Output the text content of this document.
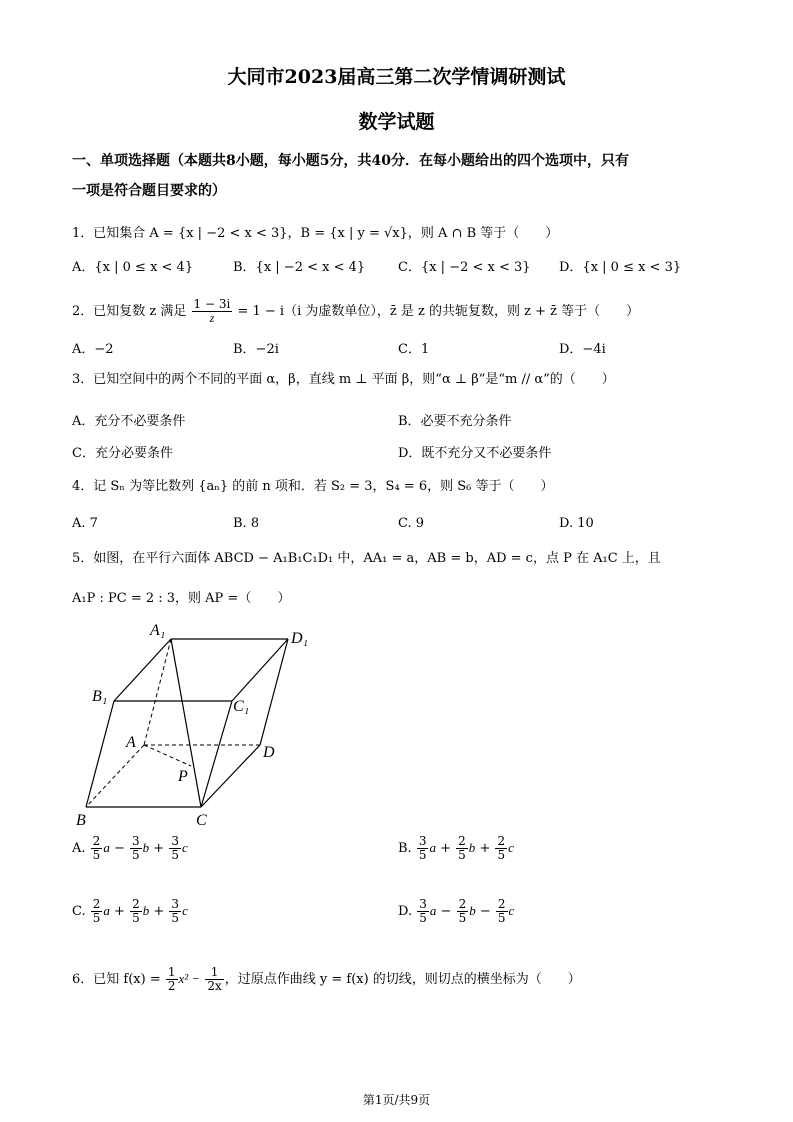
大同市2023届高三第二次学情调研测试
数学试题
一、单项选择题（本题共8小题，每小题5分，共40分．在每小题给出的四个选项中，只有
一项是符合题目要求的）
1．已知集合 A = {x | −2 < x < 3}，B = {x | y = √x}，则 A ∩ B 等于（　　）
A．{x | 0 ≤ x < 4}	B．{x | −2 < x < 4}	C．{x | −2 < x < 3} D．{x | 0 ≤ x < 3}
2．已知复数 z 满足 $\frac{1 - 3i}{z} = 1 - i(i$ 为虚数单位），z̄ 是 z 的共轭复数，则 z + z̄ 等于（　　）
A．−2	B．−2i	C．1	D．−4i
3．已知空间中的两个不同的平面 α，β，直线 m ⊥ 平面 β，则“α ⊥ β”是“m // α”的（　　）
A．充分不必要条件	B．必要不充分条件
C．充分必要条件	D．既不充分又不必要条件
4．记 Sₙ 为等比数列 {aₙ} 的前 n 项和．若 S₂ = 3，S₄ = 6，则 S₆ 等于（　　）
A. 7	B. 8	C. 9	D. 10
5．如图，在平行六面体 ABCD − A₁B₁C₁D₁ 中，AA₁ = a，AB = b，AD = c，点 P 在 A₁C 上，且
A₁P : PC = 2 : 3，则 AP =（　　）
A₁	D₁
B₁
C₁
A
D
P
B	C
A. $\frac{2}{5}$ $a - \frac{3}{5}$ $b + \frac{3}{5}$ c	B. $\frac{3}{5}$ $a + \frac{2}{5}$ $b + \frac{2}{5}$ c
C. $\frac{2}{5}$ $a + \frac{2}{5}$ $b + \frac{3}{5}$ c	D. $\frac{3}{5}$ $a - \frac{2}{5}$ $b - \frac{2}{5}$ c
6．已知 $f(x) = \frac{1}{2} x^2 - \frac{1}{2x}$ ，过原点作曲线 y = f(x) 的切线，则切点的横坐标为（　　）
第1页/共9页
